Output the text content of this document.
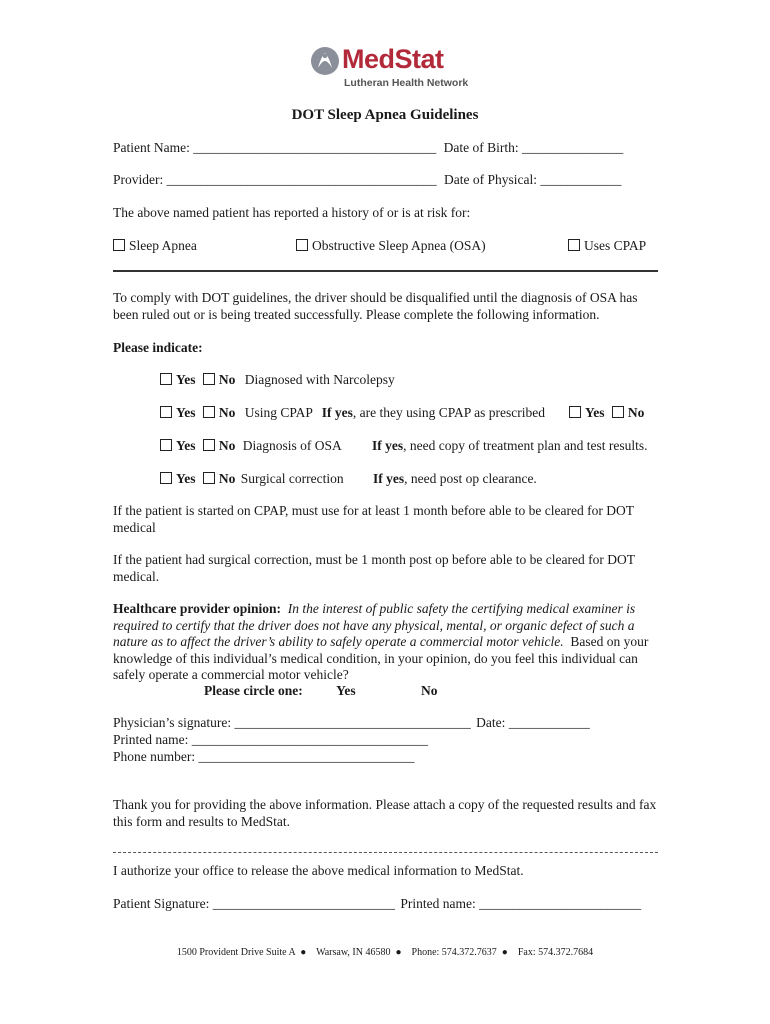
MedStat
Lutheran Health Network
DOT Sleep Apnea Guidelines
Patient Name: ____________________________________ Date of Birth: _______________
Provider: ________________________________________ Date of Physical: ____________
The above named patient has reported a history of or is at risk for:
Sleep Apnea	Obstructive Sleep Apnea (OSA)	Uses CPAP
To comply with DOT guidelines, the driver should be disqualified until the diagnosis of OSA has been ruled out or is being treated successfully. Please complete the following information.
Please indicate:
Yes No Diagnosed with Narcolepsy
Yes No Using CPAP If yes, are they using CPAP as prescribed	Yes No
Yes No Diagnosis of OSA If yes, need copy of treatment plan and test results.
Yes No Surgical correction If yes, need post op clearance.
If the patient is started on CPAP, must use for at least 1 month before able to be cleared for DOT medical
If the patient had surgical correction, must be 1 month post op before able to be cleared for DOT medical.
Healthcare provider opinion: In the interest of public safety the certifying medical examiner is required to certify that the driver does not have any physical, mental, or organic defect of such a nature as to affect the driver’s ability to safely operate a commercial motor vehicle. Based on your knowledge of this individual’s medical condition, in your opinion, do you feel this individual can safely operate a commercial motor vehicle?
Please circle one: Yes	No
Physician’s signature: ___________________________________ Date: ____________
Printed name: ___________________________________
Phone number: ________________________________
Thank you for providing the above information. Please attach a copy of the requested results and fax this form and results to MedStat.
I authorize your office to release the above medical information to MedStat.
Patient Signature: ___________________________ Printed name: ________________________
1500 Provident Drive Suite A  ●    Warsaw, IN 46580  ●    Phone: 574.372.7637  ●    Fax: 574.372.7684
